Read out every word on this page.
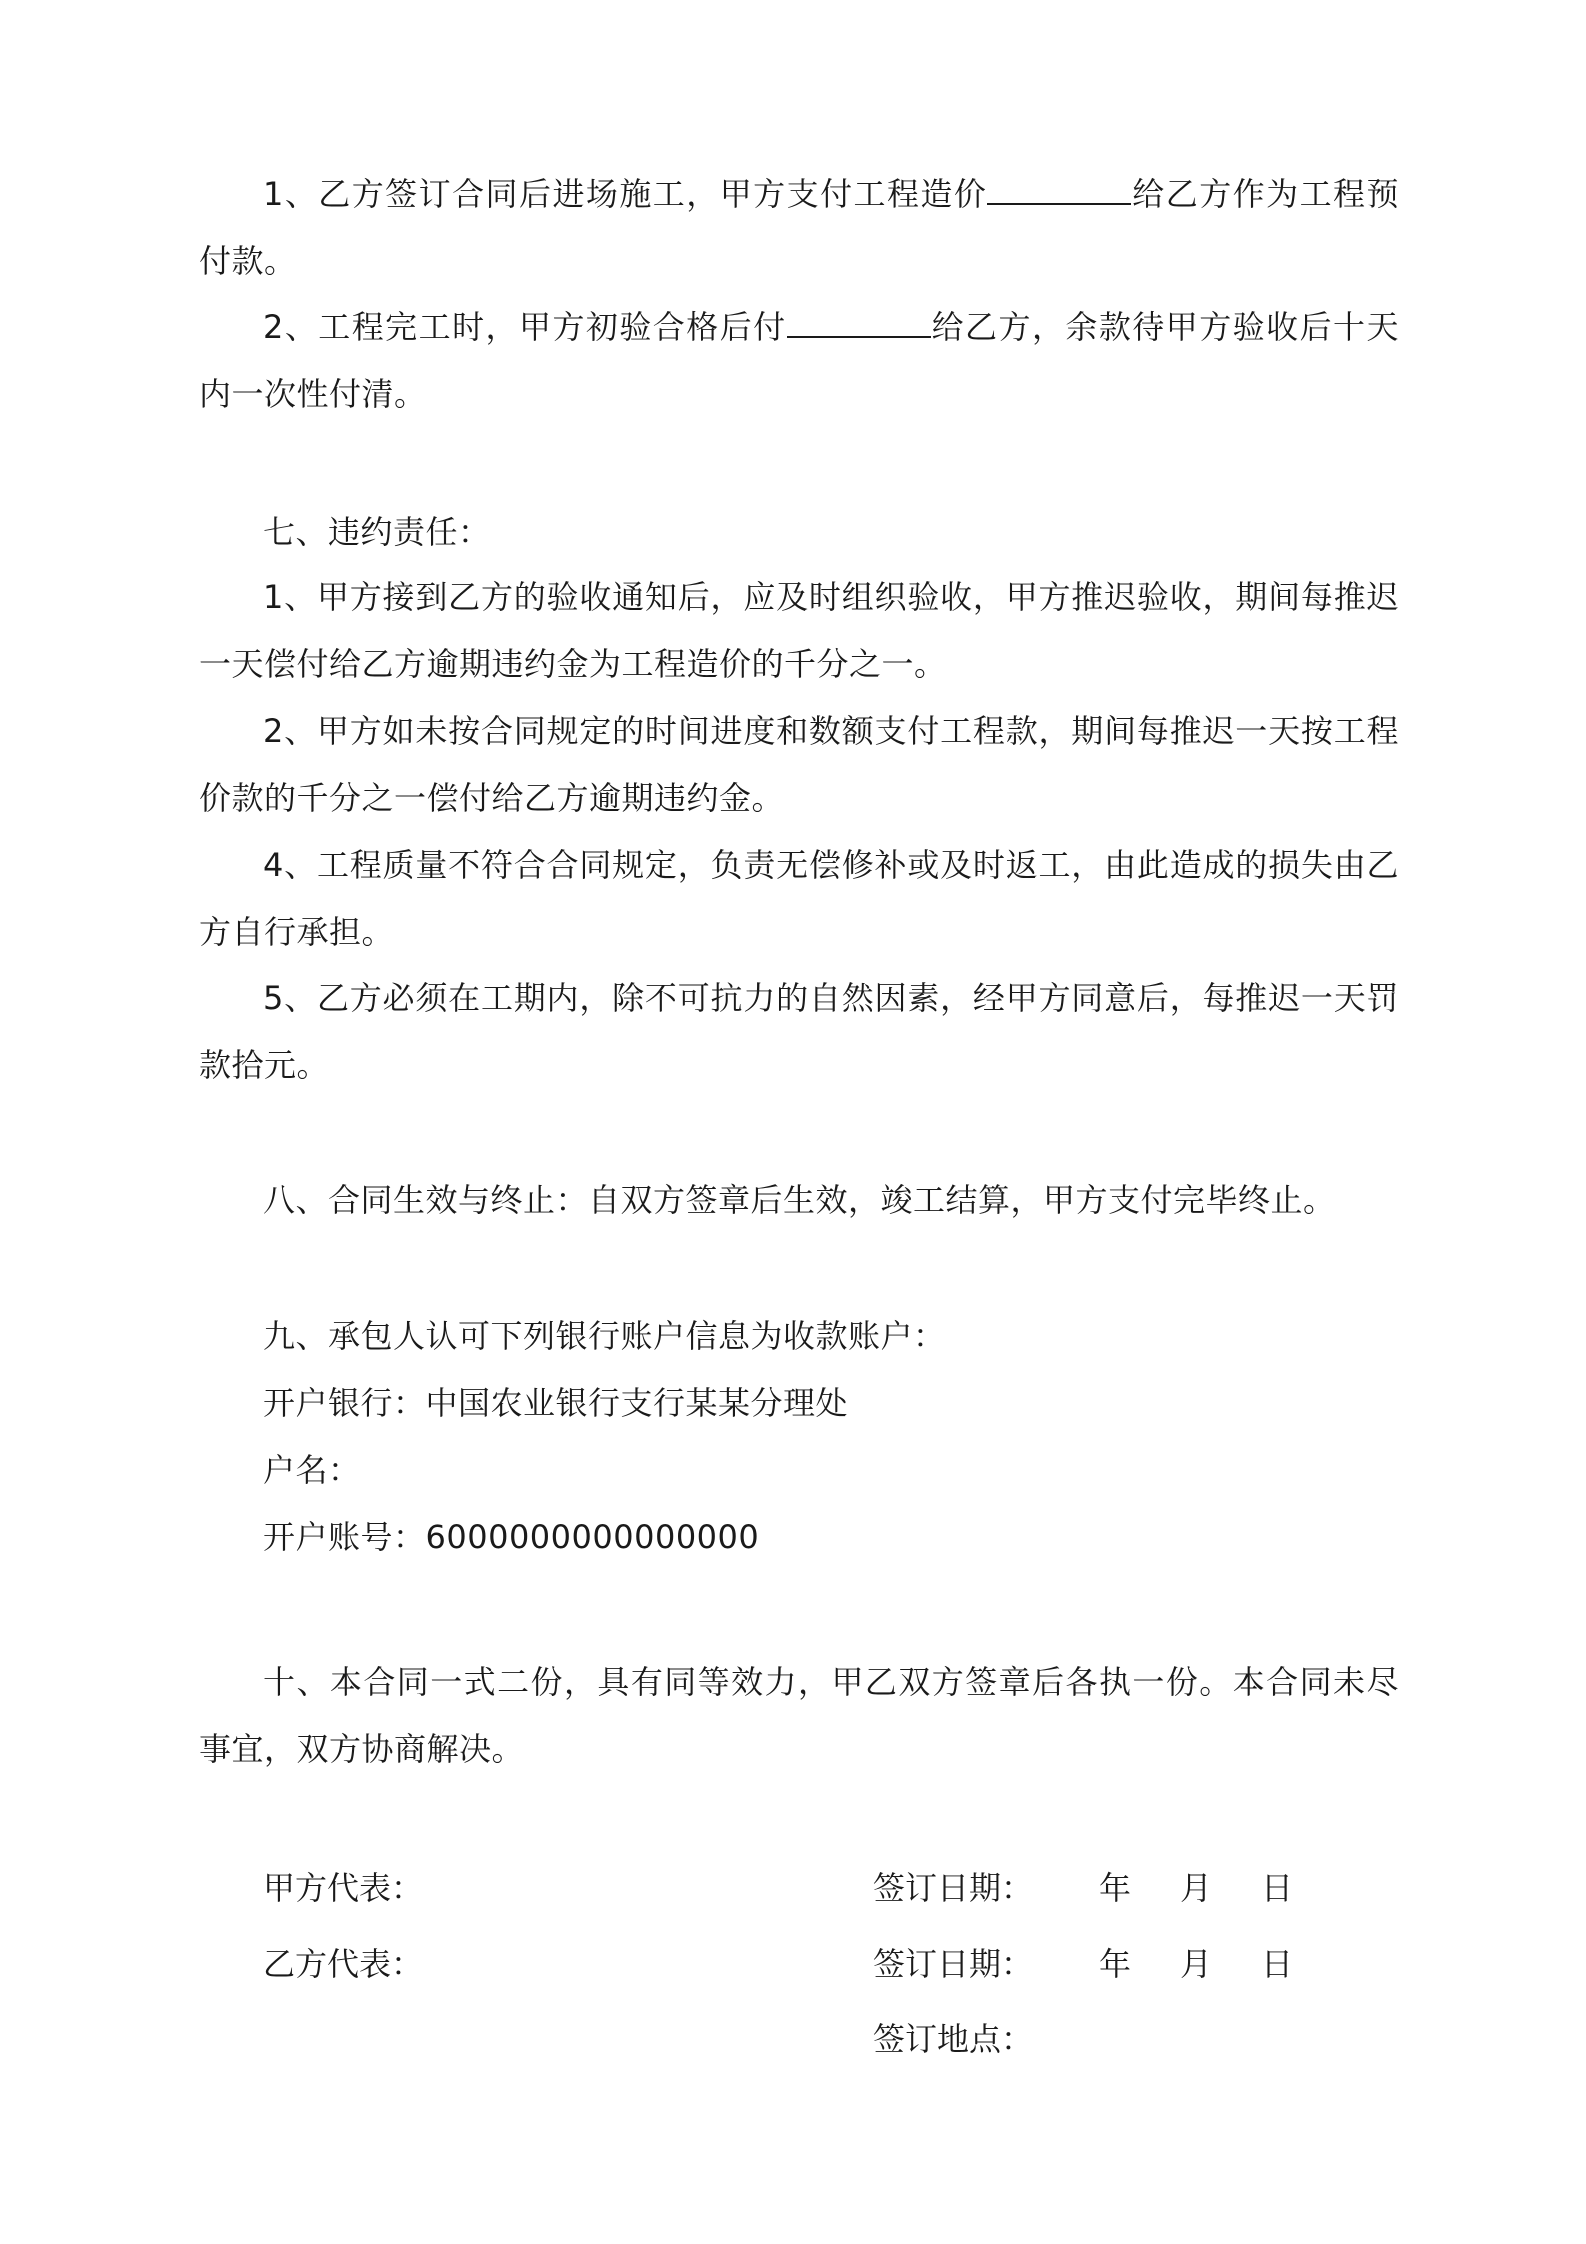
1、乙方签订合同后进场施工，甲方支付工程造价	给乙方作为工程预付款。

2、工程完工时，甲方初验合格后付	给乙方，余款待甲方验收后十天内一次性付清。

七、违约责任：

1、甲方接到乙方的验收通知后，应及时组织验收，甲方推迟验收，期间每推迟一天偿付给乙方逾期违约金为工程造价的千分之一。

2、甲方如未按合同规定的时间进度和数额支付工程款，期间每推迟一天按工程价款的千分之一偿付给乙方逾期违约金。

4、工程质量不符合合同规定，负责无偿修补或及时返工，由此造成的损失由乙方自行承担。

5、乙方必须在工期内，除不可抗力的自然因素，经甲方同意后，每推迟一天罚款拾元。

八、合同生效与终止：自双方签章后生效，竣工结算，甲方支付完毕终止。
九、承包人认可下列银行账户信息为收款账户：
开户银行：中国农业银行支行某某分理处
户名：
开户账号：6000000000000000

十、本合同一式二份，具有同等效力，甲乙双方签章后各执一份。本合同未尽事宜，双方协商解决。

甲方代表：	签订日期： 年 月 日
乙方代表：	签订日期： 年 月 日
签订地点：
